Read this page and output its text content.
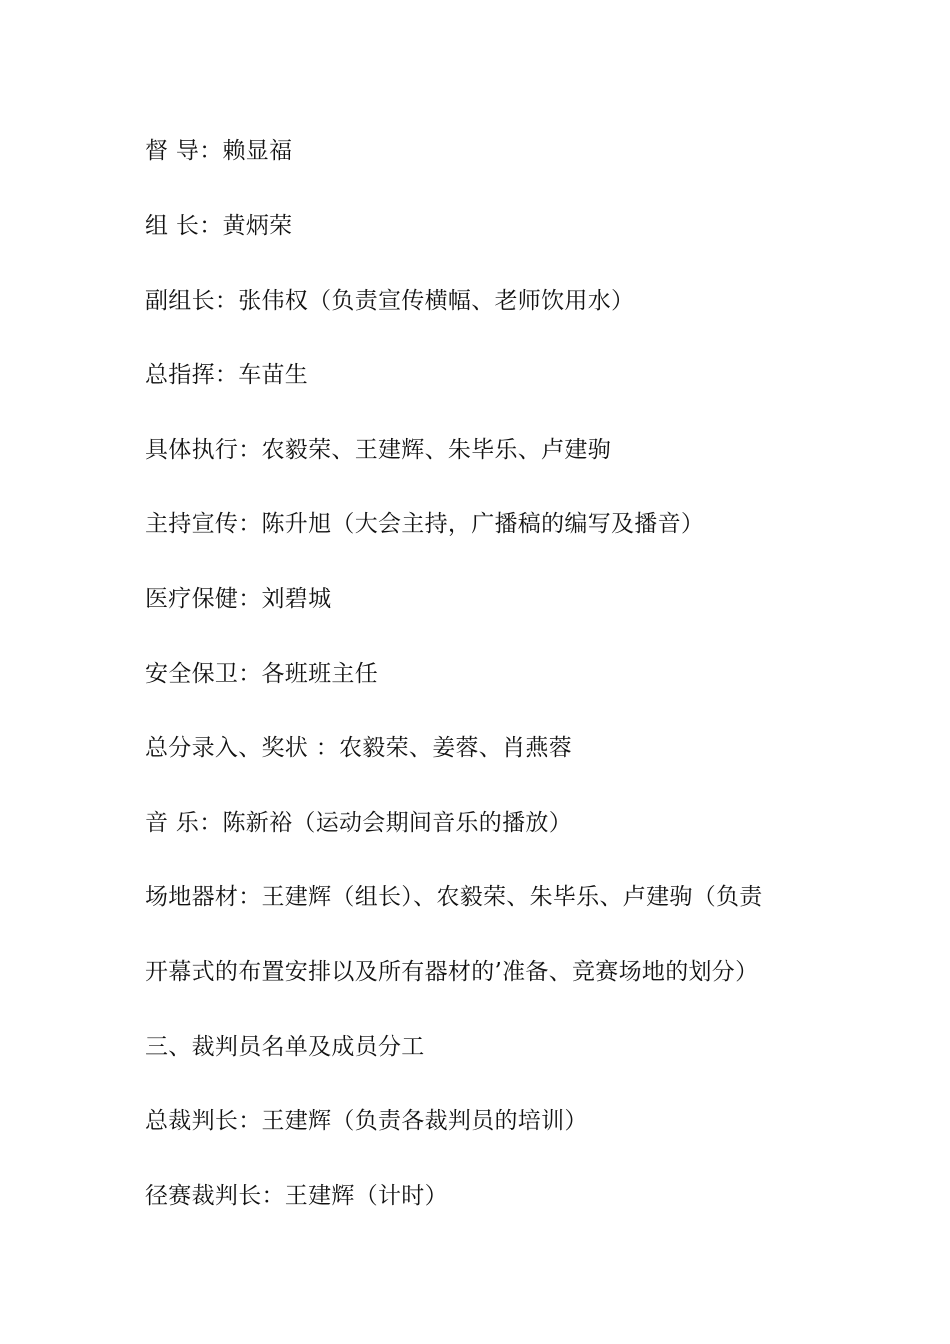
督 导：赖显福
组 长：黄炳荣
副组长：张伟权（负责宣传横幅、老师饮用水）
总指挥：车苗生
具体执行：农毅荣、王建辉、朱毕乐、卢建驹
主持宣传：陈升旭（大会主持，广播稿的编写及播音）
医疗保健：刘碧城
安全保卫：各班班主任
总分录入、奖状 ：农毅荣、姜蓉、肖燕蓉
音 乐：陈新裕（运动会期间音乐的播放）
场地器材：王建辉（组长）、农毅荣、朱毕乐、卢建驹（负责
开幕式的布置安排以及所有器材的’准备、竞赛场地的划分）
三、裁判员名单及成员分工
总裁判长：王建辉（负责各裁判员的培训）
径赛裁判长：王建辉（计时）
